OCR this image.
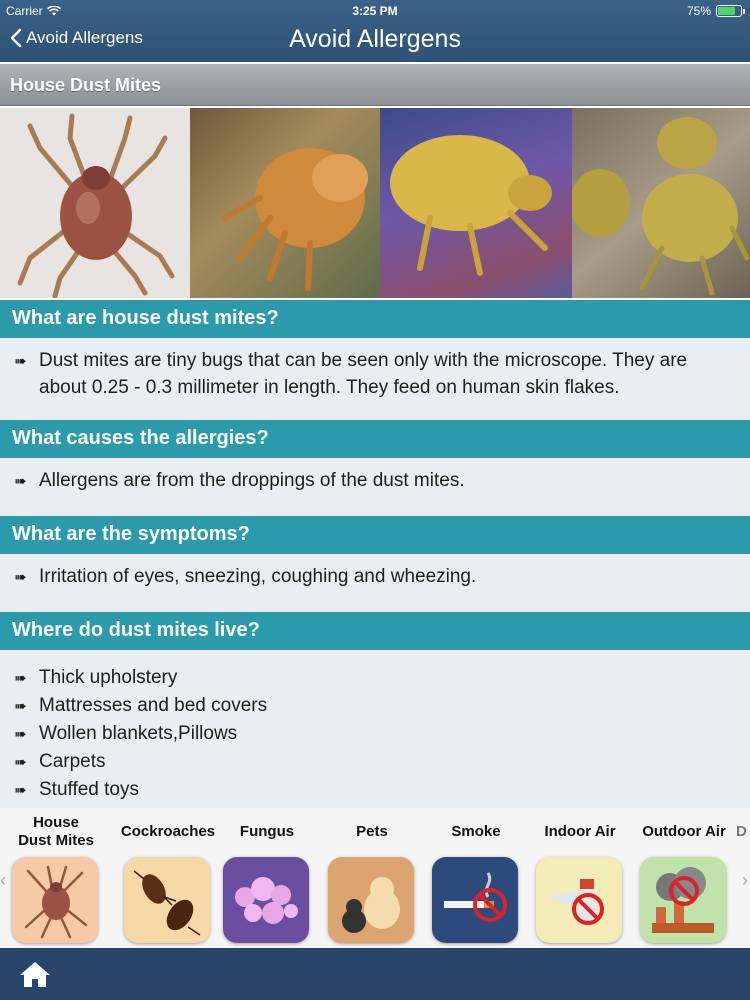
Carrier	3:25 PM	75%
Avoid Allergens	Avoid Allergens
House Dust Mites
What are house dust mites?
➠ Dust mites are tiny bugs that can be seen only with the microscope. They are about 0.25 - 0.3 millimeter in length. They feed on human skin flakes.
What causes the allergies?
➠ Allergens are from the droppings of the dust mites.
What are the symptoms?
➠ Irritation of eyes, sneezing, coughing and wheezing.
Where do dust mites live?
➠ Thick upholstery
➠ Mattresses and bed covers
➠ Wollen blankets,Pillows
➠ Carpets
➠ Stuffed toys
‹
House Dust Mites
Cockroaches	Fungus	Pets	Smoke	Indoor Air	Outdoor Air D
›
